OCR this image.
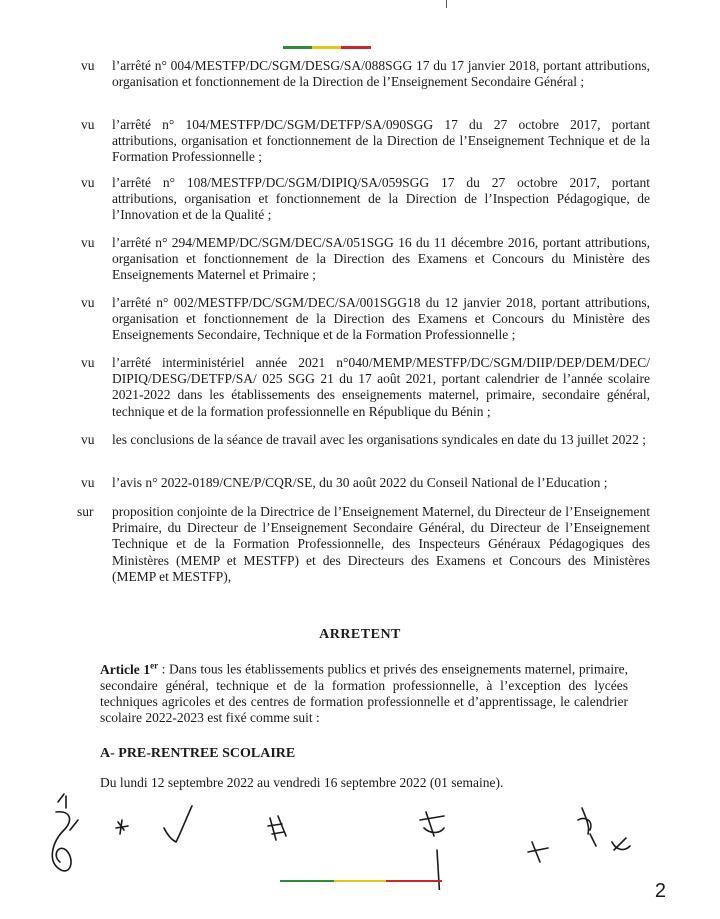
vu l’arrêté n° 004/MESTFP/DC/SGM/DESG/SA/088SGG 17 du 17 janvier 2018, portant attributions, organisation et fonctionnement de la Direction de l’Enseignement Secondaire Général ;
vu l’arrêté n° 104/MESTFP/DC/SGM/DETFP/SA/090SGG 17 du 27 octobre 2017, portant attributions, organisation et fonctionnement de la Direction de l’Enseignement Technique et de la Formation Professionnelle ;
vu l’arrêté n° 108/MESTFP/DC/SGM/DIPIQ/SA/059SGG 17 du 27 octobre 2017, portant attributions, organisation et fonctionnement de la Direction de l’Inspection Pédagogique, de l’Innovation et de la Qualité ;
vu l’arrêté n° 294/MEMP/DC/SGM/DEC/SA/051SGG 16 du 11 décembre 2016, portant attributions, organisation et fonctionnement de la Direction des Examens et Concours du Ministère des Enseignements Maternel et Primaire ;
vu l’arrêté n° 002/MESTFP/DC/SGM/DEC/SA/001SGG18 du 12 janvier 2018, portant attributions, organisation et fonctionnement de la Direction des Examens et Concours du Ministère des Enseignements Secondaire, Technique et de la Formation Professionnelle ;
vu l’arrêté interministériel année 2021 n°040/MEMP/MESTFP/DC/SGM/DIIP/DEP/DEM/DEC/ DIPIQ/DESG/DETFP/SA/ 025 SGG 21 du 17 août 2021, portant calendrier de l’année scolaire 2021-2022 dans les établissements des enseignements maternel, primaire, secondaire général, technique et de la formation professionnelle en République du Bénin ;
vu les conclusions de la séance de travail avec les organisations syndicales en date du 13 juillet 2022 ;
vu l’avis n° 2022-0189/CNE/P/CQR/SE, du 30 août 2022 du Conseil National de l’Education ;
sur proposition conjointe de la Directrice de l’Enseignement Maternel, du Directeur de l’Enseignement Primaire, du Directeur de l’Enseignement Secondaire Général, du Directeur de l’Enseignement Technique et de la Formation Professionnelle, des Inspecteurs Généraux Pédagogiques des Ministères (MEMP et MESTFP) et des Directeurs des Examens et Concours des Ministères (MEMP et MESTFP),
ARRETENT
Article 1er : Dans tous les établissements publics et privés des enseignements maternel, primaire, secondaire général, technique et de la formation professionnelle, à l’exception des lycées techniques agricoles et des centres de formation professionnelle et d’apprentissage, le calendrier scolaire 2022-2023 est fixé comme suit :
A- PRE-RENTREE SCOLAIRE
Du lundi 12 septembre 2022 au vendredi 16 septembre 2022 (01 semaine).
2
